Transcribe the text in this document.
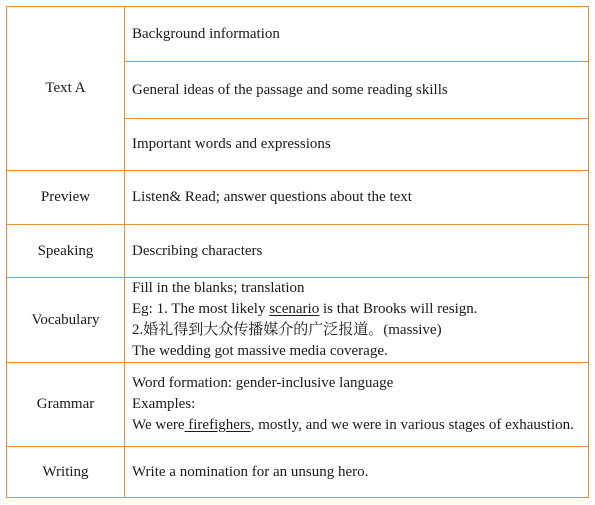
Text A	Background information
	General ideas of the passage and some reading skills
	Important words and expressions
Preview	Listen& Read; answer questions about the text
Speaking	Describing characters
Vocabulary	Fill in the blanks; translation
Eg: 1. The most likely scenario is that Brooks will resign.
2.婚礼得到大众传播媒介的广泛报道。(massive)
The wedding got massive media coverage.

Grammar	Word formation: gender-inclusive language
Examples:
We were firefighers, mostly, and we were in various stages of exhaustion.

Writing	Write a nomination for an unsung hero.
